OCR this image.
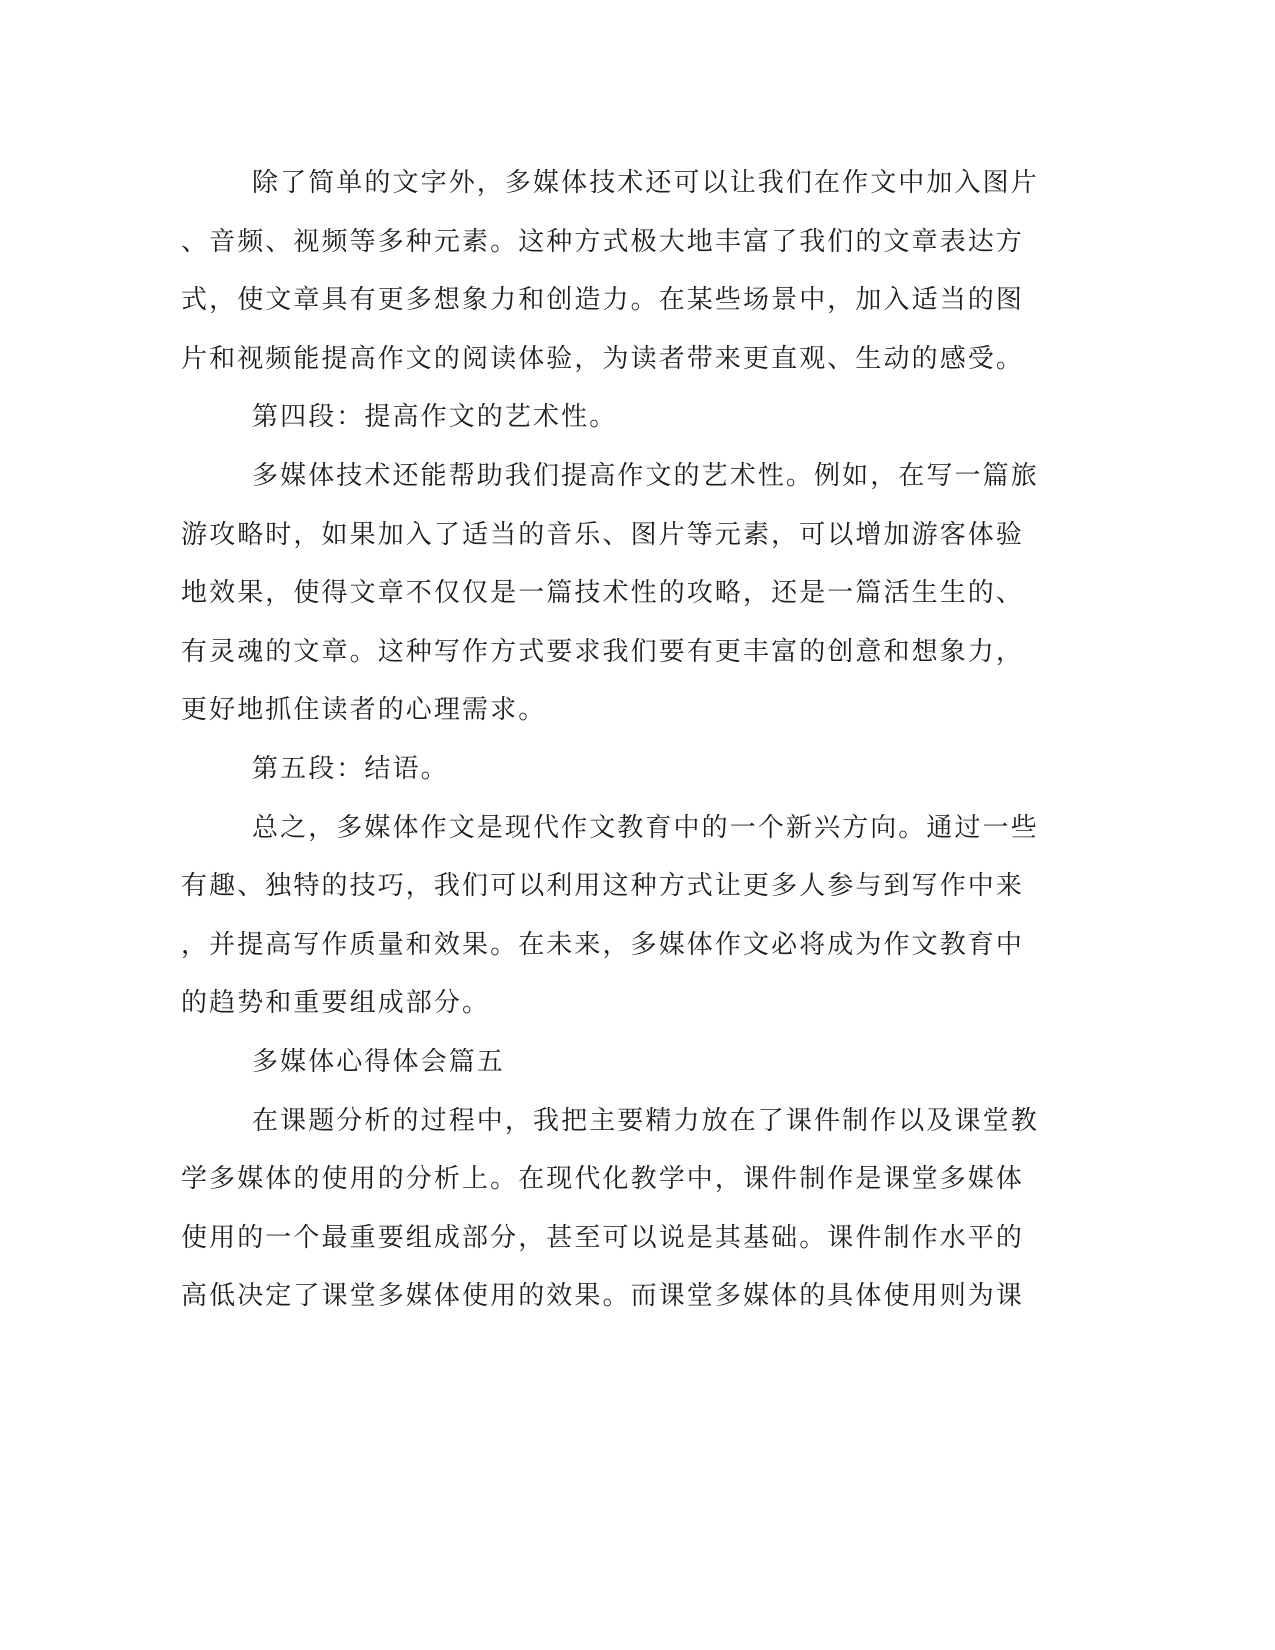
除了简单的文字外，多媒体技术还可以让我们在作文中加入图片
、音频、视频等多种元素。这种方式极大地丰富了我们的文章表达方
式，使文章具有更多想象力和创造力。在某些场景中，加入适当的图
片和视频能提高作文的阅读体验，为读者带来更直观、生动的感受。
第四段：提高作文的艺术性。
多媒体技术还能帮助我们提高作文的艺术性。例如，在写一篇旅
游攻略时，如果加入了适当的音乐、图片等元素，可以增加游客体验
地效果，使得文章不仅仅是一篇技术性的攻略，还是一篇活生生的、
有灵魂的文章。这种写作方式要求我们要有更丰富的创意和想象力，
更好地抓住读者的心理需求。
第五段：结语。
总之，多媒体作文是现代作文教育中的一个新兴方向。通过一些
有趣、独特的技巧，我们可以利用这种方式让更多人参与到写作中来
，并提高写作质量和效果。在未来，多媒体作文必将成为作文教育中
的趋势和重要组成部分。
多媒体心得体会篇五
在课题分析的过程中，我把主要精力放在了课件制作以及课堂教
学多媒体的使用的分析上。在现代化教学中，课件制作是课堂多媒体
使用的一个最重要组成部分，甚至可以说是其基础。课件制作水平的
高低决定了课堂多媒体使用的效果。而课堂多媒体的具体使用则为课
